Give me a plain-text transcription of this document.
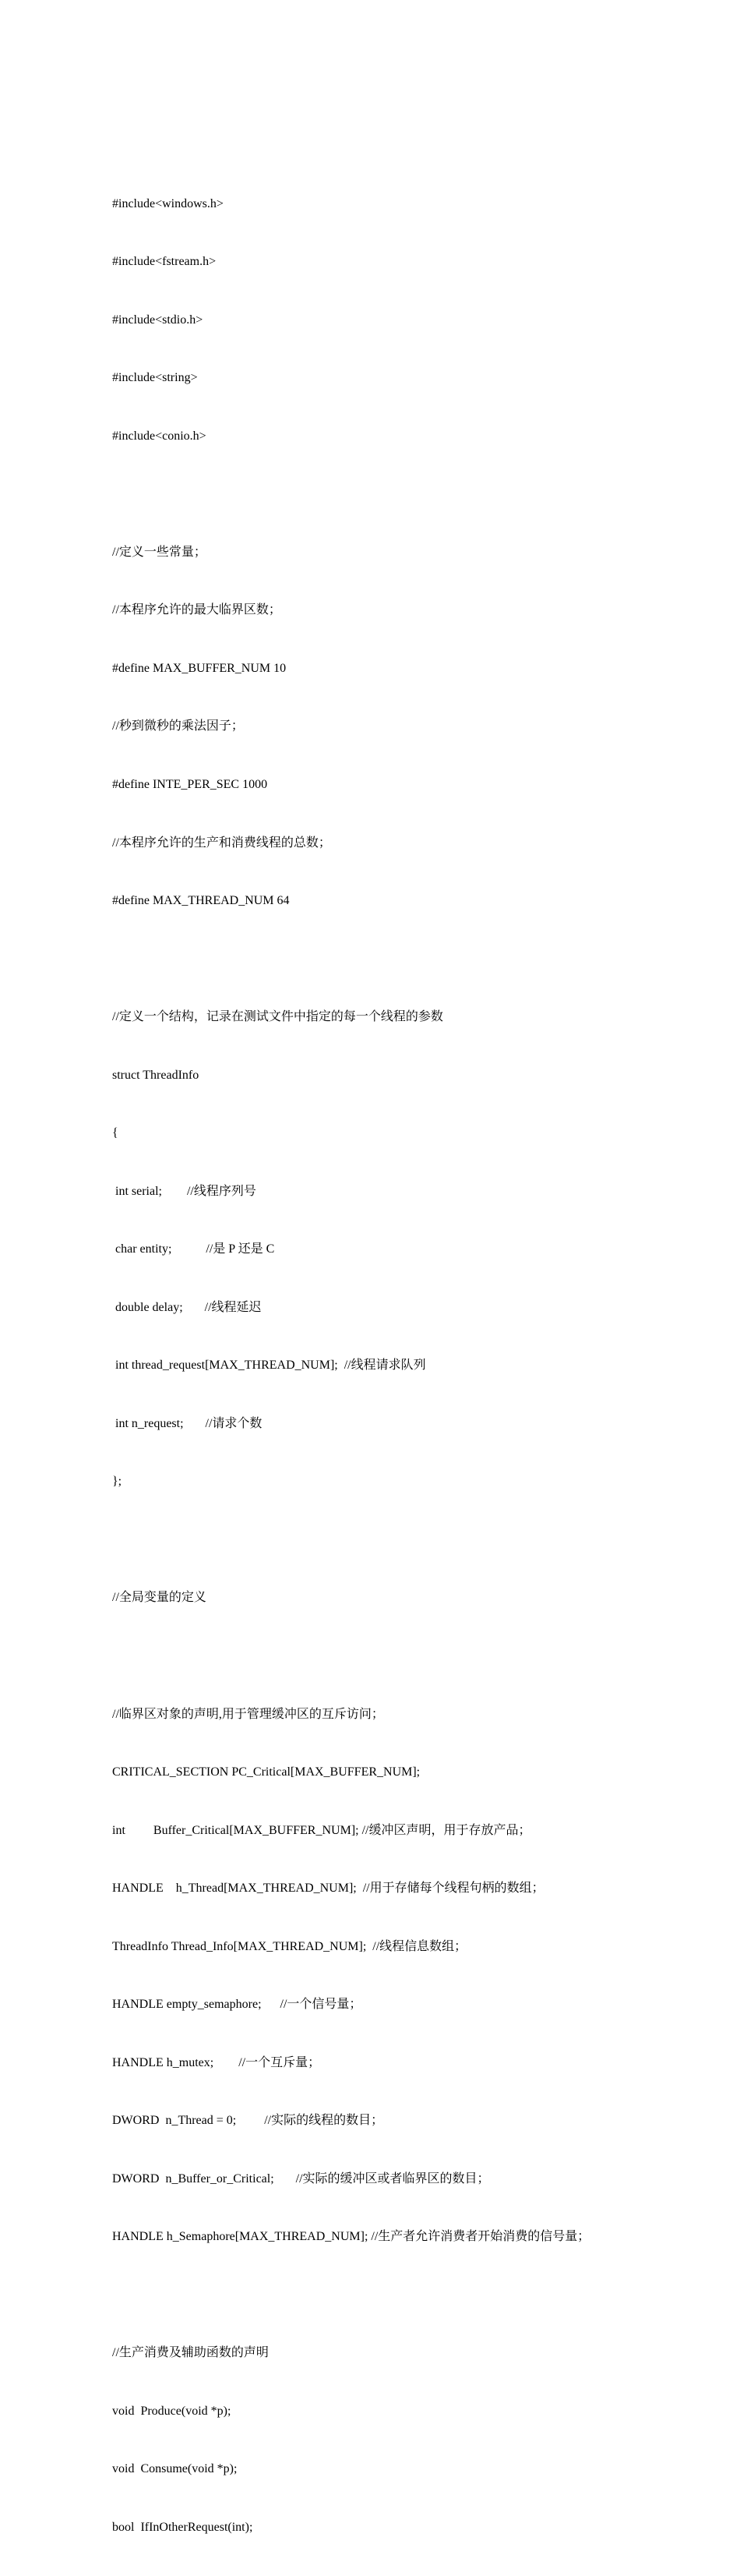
#include<windows.h>

#include<fstream.h>

#include<stdio.h>

#include<string>

#include<conio.h>

//定义一些常量；

//本程序允许的最大临界区数；

#define MAX_BUFFER_NUM 10

//秒到微秒的乘法因子；

#define INTE_PER_SEC 1000

//本程序允许的生产和消费线程的总数；

#define MAX_THREAD_NUM 64

//定义一个结构，记录在测试文件中指定的每一个线程的参数

struct ThreadInfo

{

int serial;        //线程序列号

char entity;           //是 P 还是 C

double delay;       //线程延迟

int thread_request[MAX_THREAD_NUM];  //线程请求队列

int n_request;       //请求个数

};

//全局变量的定义

//临界区对象的声明,用于管理缓冲区的互斥访问；

CRITICAL_SECTION PC_Critical[MAX_BUFFER_NUM];

int         Buffer_Critical[MAX_BUFFER_NUM]; //缓冲区声明，用于存放产品；

HANDLE    h_Thread[MAX_THREAD_NUM];  //用于存储每个线程句柄的数组；

ThreadInfo Thread_Info[MAX_THREAD_NUM];  //线程信息数组；

HANDLE empty_semaphore;      //一个信号量；

HANDLE h_mutex;        //一个互斥量；

DWORD  n_Thread = 0;         //实际的线程的数目；

DWORD  n_Buffer_or_Critical;       //实际的缓冲区或者临界区的数目；

HANDLE h_Semaphore[MAX_THREAD_NUM]; //生产者允许消费者开始消费的信号量；

//生产消费及辅助函数的声明

void  Produce(void *p);

void  Consume(void *p);

bool  IfInOtherRequest(int);
